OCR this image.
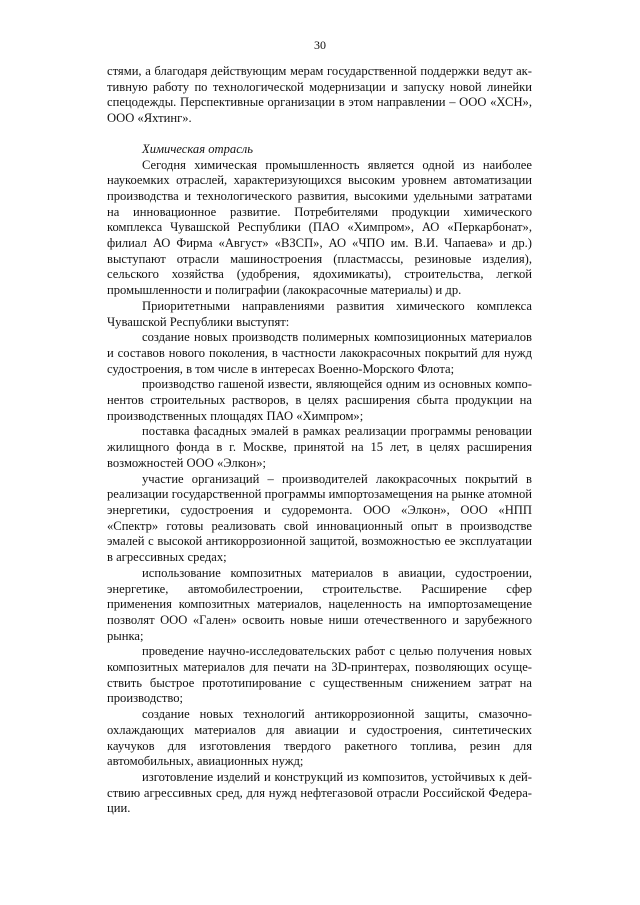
30

стями, а благодаря действующим мерам государственной поддержки ведут активную работу по технологической модернизации и запуску новой линейки спецодежды. Перспективные организации в этом направлении – ООО «ХСН», ООО «Яхтинг».

Химическая отрасль

Сегодня химическая промышленность является одной из наиболее наукоемких отраслей, характеризующихся высоким уровнем автоматизации производства и технологического развития, высокими удельными затратами на инновационное развитие. Потребителями продукции химического комплекса Чувашской Республики (ПАО «Химпром», АО «Перкарбонат», филиал АО Фирма «Август» «ВЗСП», АО «ЧПО им. В.И. Чапаева» и др.) выступают отрасли машиностроения (пластмассы, резиновые изделия), сельского хозяйства (удобрения, ядохимикаты), строительства, легкой промышленности и полиграфии (лакокрасочные материалы) и др.

Приоритетными направлениями развития химического комплекса Чувашской Республики выступят:

создание новых производств полимерных композиционных материалов и составов нового поколения, в частности лакокрасочных покрытий для нужд судостроения, в том числе в интересах Военно-Морского Флота;

производство гашеной извести, являющейся одним из основных компонентов строительных растворов, в целях расширения сбыта продукции на производственных площадях ПАО «Химпром»;

поставка фасадных эмалей в рамках реализации программы реновации жилищного фонда в г. Москве, принятой на 15 лет, в целях расширения возможностей ООО «Элкон»;

участие организаций – производителей лакокрасочных покрытий в реализации государственной программы импортозамещения на рынке атомной энергетики, судостроения и судоремонта. ООО «Элкон», ООО «НПП «Спектр» готовы реализовать свой инновационный опыт в производстве эмалей с высокой антикоррозионной защитой, возможностью ее эксплуатации в агрессивных средах;

использование композитных материалов в авиации, судостроении, энергетике, автомобилестроении, строительстве. Расширение сфер применения композитных материалов, нацеленность на импортозамещение позволят ООО «Гален» освоить новые ниши отечественного и зарубежного рынка;

проведение научно-исследовательских работ с целью получения новых композитных материалов для печати на 3D-принтерах, позволяющих осуществить быстрое прототипирование с существенным снижением затрат на производство;

создание новых технологий антикоррозионной защиты, смазочно-охлаждающих материалов для авиации и судостроения, синтетических каучуков для изготовления твердого ракетного топлива, резин для автомобильных, авиационных нужд;

изготовление изделий и конструкций из композитов, устойчивых к действию агрессивных сред, для нужд нефтегазовой отрасли Российской Федерации.
